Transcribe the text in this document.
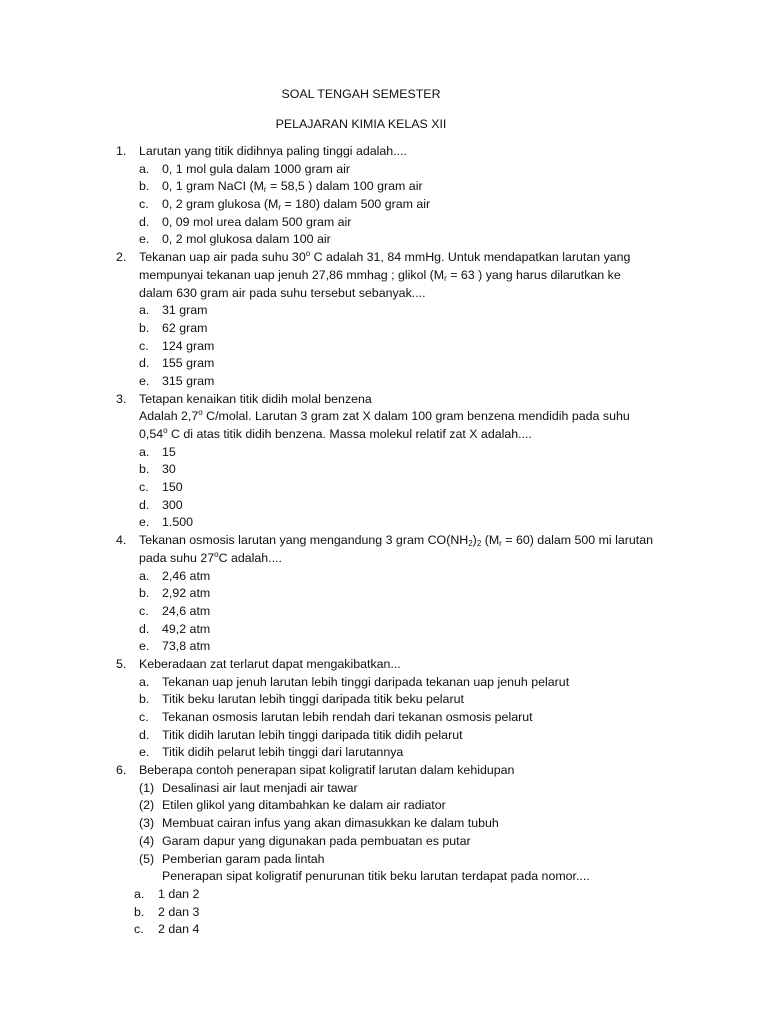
SOAL TENGAH SEMESTER
PELAJARAN KIMIA KELAS XII
1. Larutan yang titik didihnya paling tinggi adalah....
a. 0, 1 mol gula dalam 1000 gram air
b. 0, 1 gram NaCI ($M_r = 58,5$ ) dalam 100 gram air
c. 0, 2 gram glukosa $(M_r = 180)$ dalam 500 gram air
d. 0, 09 mol urea dalam 500 gram air
e. 0, 2 mol glukosa dalam 100 air
2. Tekanan uap air pada suhu 30$^o$ C adalah 31, 84 mmHg. Untuk mendapatkan larutan yang
mempunyai tekanan uap jenuh 27,86 mmhag ; glikol ($M_r = 63$ ) yang harus dilarutkan ke
dalam 630 gram air pada suhu tersebut sebanyak....
a. 31 gram
b. 62 gram
c. 124 gram
d. 155 gram
e. 315 gram
3. Tetapan kenaikan titik didih molal benzena
Adalah 2,7$^o$ C/molal. Larutan 3 gram zat X dalam 100 gram benzena mendidih pada suhu
0,54$^o$ C di atas titik didih benzena. Massa molekul relatif zat X adalah....
a. 15
b. 30
c. 150
d. 300
e. 1.500
4. Tekanan osmosis larutan yang mengandung 3 gram $CO(NH_2)_2$ $(M_r = 60)$ dalam 500 mi larutan
pada suhu 27$^o$C adalah....
a. 2,46 atm
b. 2,92 atm
c. 24,6 atm
d. 49,2 atm
e. 73,8 atm
5. Keberadaan zat terlarut dapat mengakibatkan...
a. Tekanan uap jenuh larutan lebih tinggi daripada tekanan uap jenuh pelarut
b. Titik beku larutan lebih tinggi daripada titik beku pelarut
c. Tekanan osmosis larutan lebih rendah dari tekanan osmosis pelarut
d. Titik didih larutan lebih tinggi daripada titik didih pelarut
e. Titik didih pelarut lebih tinggi dari larutannya
6. Beberapa contoh penerapan sipat koligratif larutan dalam kehidupan
(1) Desalinasi air laut menjadi air tawar
(2) Etilen glikol yang ditambahkan ke dalam air radiator
(3) Membuat cairan infus yang akan dimasukkan ke dalam tubuh
(4) Garam dapur yang digunakan pada pembuatan es putar
(5) Pemberian garam pada lintah
Penerapan sipat koligratif penurunan titik beku larutan terdapat pada nomor....
a. 1 dan 2
b. 2 dan 3
c. 2 dan 4
